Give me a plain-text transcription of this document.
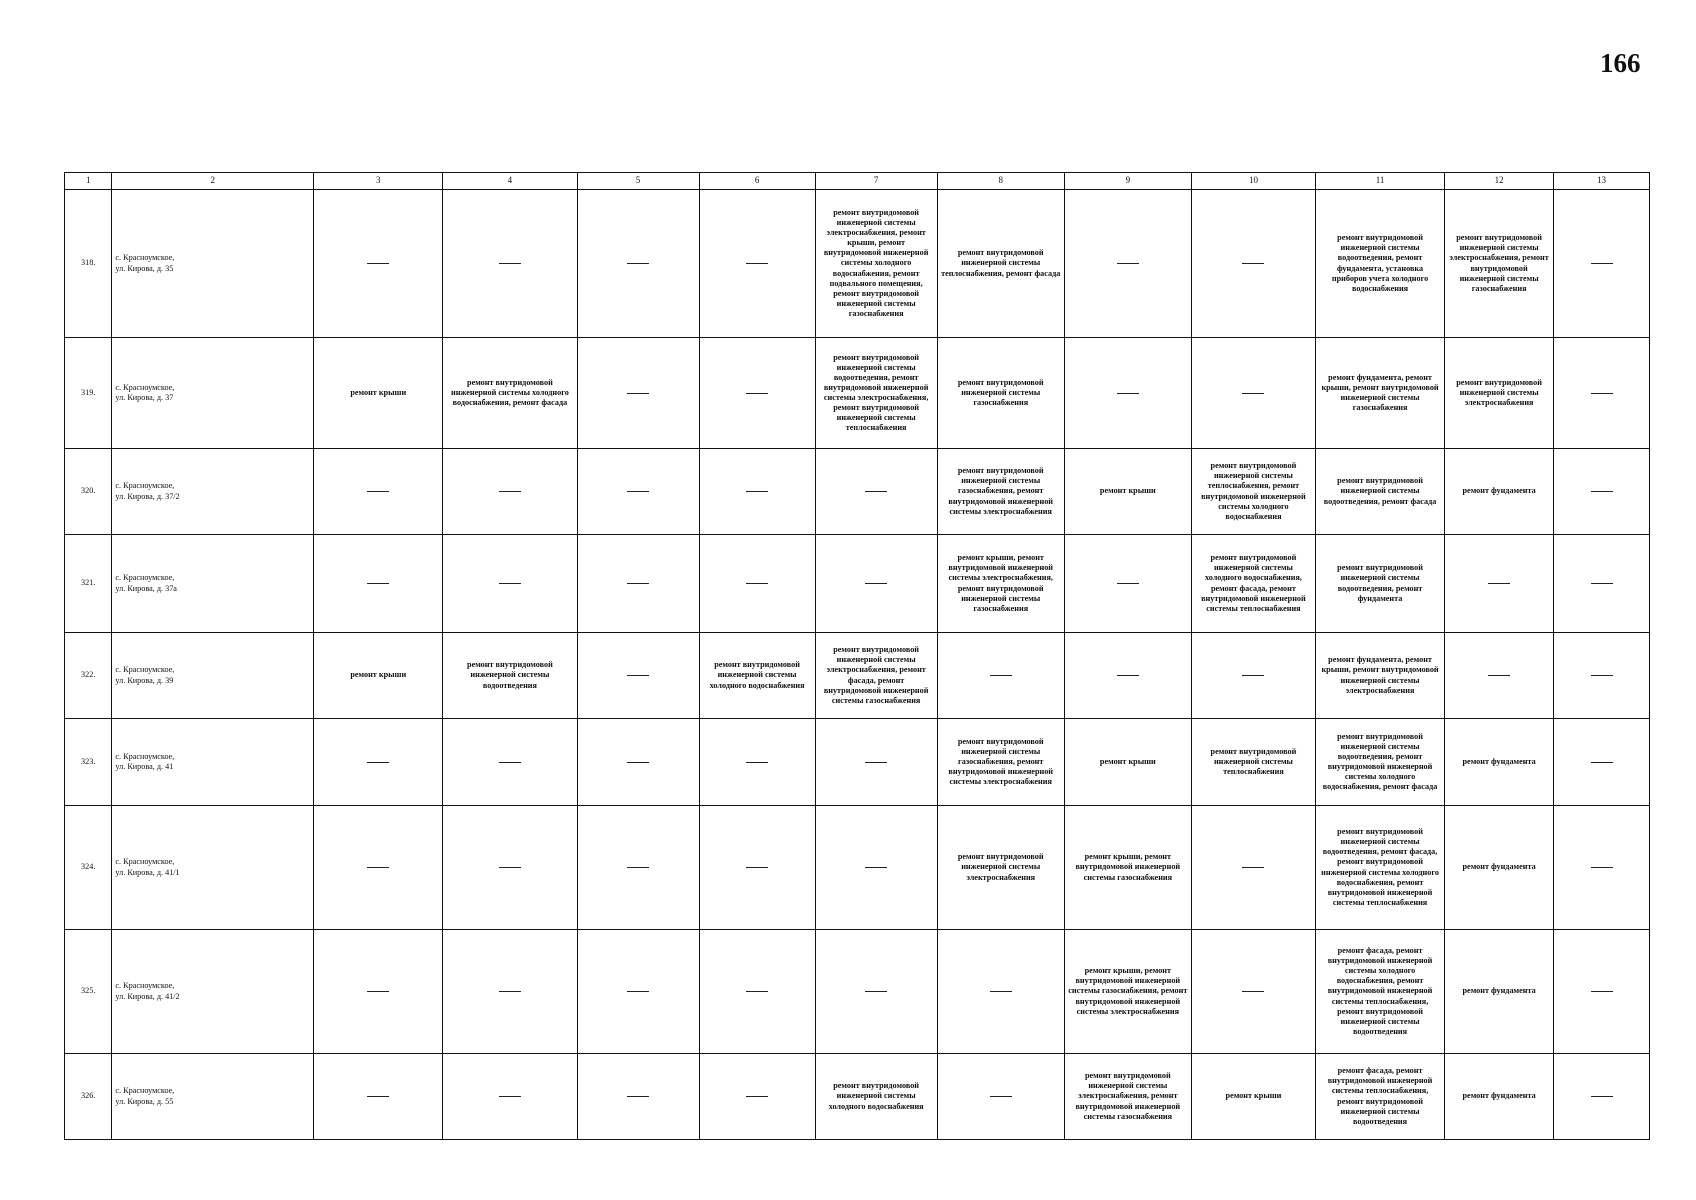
166
1	2	3	4	5	6	7	8	9	10	11	12	13
318.	с. Красноумское,
ул. Кирова, д. 35					ремонт внутридомовой инженерной системы электроснабжения, ремонт крыши, ремонт внутридомовой инженерной системы холодного водоснабжения, ремонт подвального помещения, ремонт внутридомовой инженерной системы газоснабжения	ремонт внутридомовой инженерной системы теплоснабжения, ремонт фасада			ремонт внутридомовой инженерной системы водоотведения, ремонт фундамента, установка приборов учета холодного водоснабжения	ремонт внутридомовой инженерной системы электроснабжения, ремонт внутридомовой инженерной системы газоснабжения	
319.	с. Красноумское,
ул. Кирова, д. 37	ремонт крыши	ремонт внутридомовой инженерной системы холодного водоснабжения, ремонт фасада			ремонт внутридомовой инженерной системы водоотведения, ремонт внутридомовой инженерной системы электроснабжения, ремонт внутридомовой инженерной системы теплоснабжения	ремонт внутридомовой инженерной системы газоснабжения			ремонт фундамента, ремонт крыши, ремонт внутридомовой инженерной системы газоснабжения	ремонт внутридомовой инженерной системы электроснабжения	
320.	с. Красноумское,
ул. Кирова, д. 37/2						ремонт внутридомовой инженерной системы газоснабжения, ремонт внутридомовой инженерной системы электроснабжения	ремонт крыши	ремонт внутридомовой инженерной системы теплоснабжения, ремонт внутридомовой инженерной системы холодного водоснабжения	ремонт внутридомовой инженерной системы водоотведения, ремонт фасада	ремонт фундамента	
321.	с. Красноумское,
ул. Кирова, д. 37а						ремонт крыши, ремонт внутридомовой инженерной системы электроснабжения, ремонт внутридомовой инженерной системы газоснабжения		ремонт внутридомовой инженерной системы холодного водоснабжения, ремонт фасада, ремонт внутридомовой инженерной системы теплоснабжения	ремонт внутридомовой инженерной системы водоотведения, ремонт фундамента		
322.	с. Красноумское,
ул. Кирова, д. 39	ремонт крыши	ремонт внутридомовой инженерной системы водоотведения		ремонт внутридомовой инженерной системы холодного водоснабжения	ремонт внутридомовой инженерной системы электроснабжения, ремонт фасада, ремонт внутридомовой инженерной системы газоснабжения				ремонт фундамента, ремонт крыши, ремонт внутридомовой инженерной системы электроснабжения		
323.	с. Красноумское,
ул. Кирова, д. 41						ремонт внутридомовой инженерной системы газоснабжения, ремонт внутридомовой инженерной системы электроснабжения	ремонт крыши	ремонт внутридомовой инженерной системы теплоснабжения	ремонт внутридомовой инженерной системы водоотведения, ремонт внутридомовой инженерной системы холодного водоснабжения, ремонт фасада	ремонт фундамента	
324.	с. Красноумское,
ул. Кирова, д. 41/1						ремонт внутридомовой инженерной системы электроснабжения	ремонт крыши, ремонт внутридомовой инженерной системы газоснабжения		ремонт внутридомовой инженерной системы водоотведения, ремонт фасада, ремонт внутридомовой инженерной системы холодного водоснабжения, ремонт внутридомовой инженерной системы теплоснабжения	ремонт фундамента	
325.	с. Красноумское,
ул. Кирова, д. 41/2							ремонт крыши, ремонт внутридомовой инженерной системы газоснабжения, ремонт внутридомовой инженерной системы электроснабжения		ремонт фасада, ремонт внутридомовой инженерной системы холодного водоснабжения, ремонт внутридомовой инженерной системы теплоснабжения, ремонт внутридомовой инженерной системы водоотведения	ремонт фундамента	
326.	с. Красноумское,
ул. Кирова, д. 55					ремонт внутридомовой инженерной системы холодного водоснабжения		ремонт внутридомовой инженерной системы электроснабжения, ремонт внутридомовой инженерной системы газоснабжения	ремонт крыши	ремонт фасада, ремонт внутридомовой инженерной системы теплоснабжения, ремонт внутридомовой инженерной системы водоотведения	ремонт фундамента	
